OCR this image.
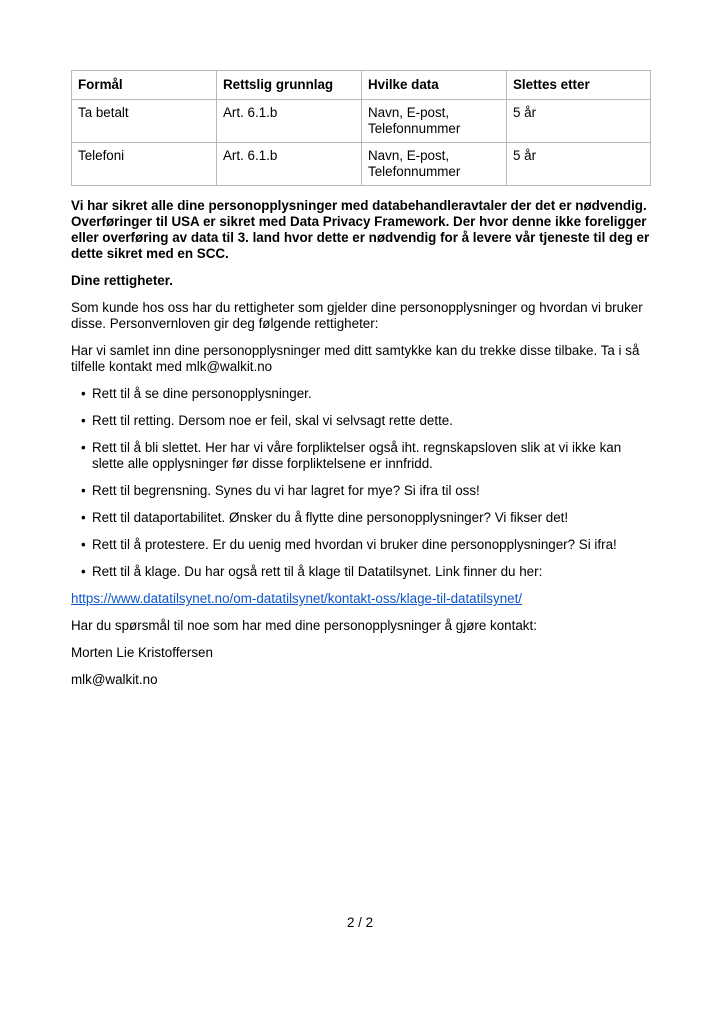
Formål	Rettslig grunnlag	Hvilke data	Slettes etter
Ta betalt	Art. 6.1.b	Navn, E-post, Telefonnummer	5 år
Telefoni	Art. 6.1.b	Navn, E-post, Telefonnummer	5 år

Vi har sikret alle dine personopplysninger med databehandleravtaler der det er nødvendig. Overføringer til USA er sikret med Data Privacy Framework. Der hvor denne ikke foreligger eller overføring av data til 3. land hvor dette er nødvendig for å levere vår tjeneste til deg er dette sikret med en SCC.

Dine rettigheter.

Som kunde hos oss har du rettigheter som gjelder dine personopplysninger og hvordan vi bruker disse. Personvernloven gir deg følgende rettigheter:

Har vi samlet inn dine personopplysninger med ditt samtykke kan du trekke disse tilbake. Ta i så tilfelle kontakt med mlk@walkit.no

• Rett til å se dine personopplysninger.
• Rett til retting. Dersom noe er feil, skal vi selvsagt rette dette.
• Rett til å bli slettet. Her har vi våre forpliktelser også iht. regnskapsloven slik at vi ikke kan slette alle opplysninger før disse forpliktelsene er innfridd.
• Rett til begrensning. Synes du vi har lagret for mye? Si ifra til oss!
• Rett til dataportabilitet. Ønsker du å flytte dine personopplysninger? Vi fikser det!
• Rett til å protestere. Er du uenig med hvordan vi bruker dine personopplysninger? Si ifra!
• Rett til å klage. Du har også rett til å klage til Datatilsynet. Link finner du her:

https://www.datatilsynet.no/om-datatilsynet/kontakt-oss/klage-til-datatilsynet/

Har du spørsmål til noe som har med dine personopplysninger å gjøre kontakt:

Morten Lie Kristoffersen

mlk@walkit.no

2 / 2
